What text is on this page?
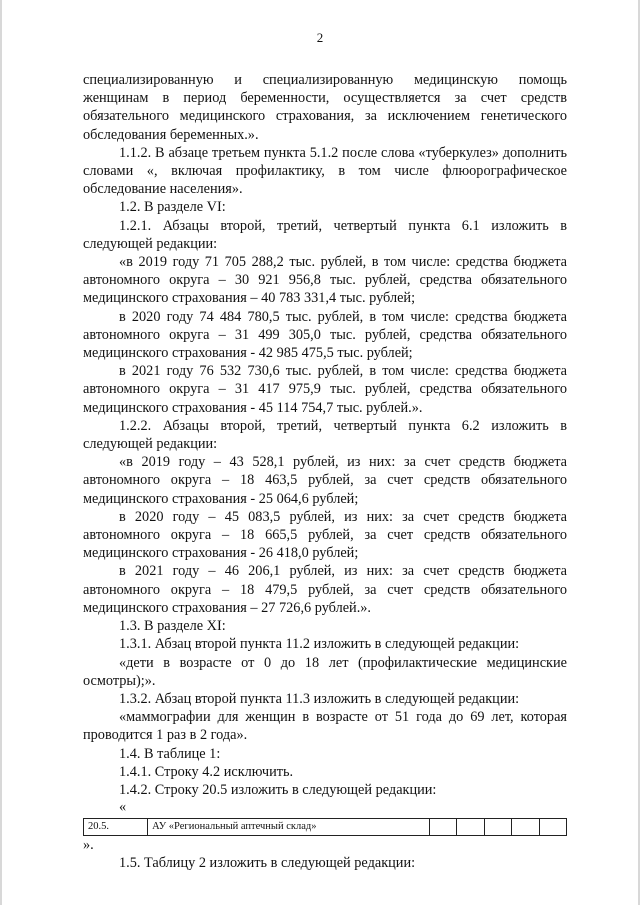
2

специализированную и специализированную медицинскую помощь женщинам в период беременности, осуществляется за счет средств обязательного медицинского страхования, за исключением генетического обследования беременных.».

1.1.2. В абзаце третьем пункта 5.1.2 после слова «туберкулез» дополнить словами «, включая профилактику, в том числе флюорографическое обследование населения».

1.2. В разделе VI:

1.2.1. Абзацы второй, третий, четвертый пункта 6.1 изложить в следующей редакции:

«в 2019 году 71 705 288,2 тыс. рублей, в том числе: средства бюджета автономного округа – 30 921 956,8 тыс. рублей, средства обязательного медицинского страхования – 40 783 331,4 тыс. рублей;

в 2020 году 74 484 780,5 тыс. рублей, в том числе: средства бюджета автономного округа – 31 499 305,0 тыс. рублей, средства обязательного медицинского страхования - 42 985 475,5 тыс. рублей;

в 2021 году 76 532 730,6 тыс. рублей, в том числе: средства бюджета автономного округа – 31 417 975,9 тыс. рублей, средства обязательного медицинского страхования - 45 114 754,7 тыс. рублей.».

1.2.2. Абзацы второй, третий, четвертый пункта 6.2 изложить в следующей редакции:

«в 2019 году – 43 528,1 рублей, из них: за счет средств бюджета автономного округа – 18 463,5 рублей, за счет средств обязательного медицинского страхования - 25 064,6 рублей;

в 2020 году – 45 083,5 рублей, из них: за счет средств бюджета автономного округа – 18 665,5 рублей, за счет средств обязательного медицинского страхования - 26 418,0 рублей;

в 2021 году – 46 206,1 рублей, из них: за счет средств бюджета автономного округа – 18 479,5 рублей, за счет средств обязательного медицинского страхования – 27 726,6 рублей.».

1.3. В разделе XI:

1.3.1. Абзац второй пункта 11.2 изложить в следующей редакции:

«дети в возрасте от 0 до 18 лет (профилактические медицинские осмотры);».

1.3.2. Абзац второй пункта 11.3 изложить в следующей редакции:

«маммографии для женщин в возрасте от 51 года до 69 лет, которая проводится 1 раз в 2 года».

1.4. В таблице 1:

1.4.1. Строку 4.2 исключить.

1.4.2. Строку 20.5 изложить в следующей редакции:

«

20.5.	АУ «Региональный аптечный склад»					

».

1.5. Таблицу 2 изложить в следующей редакции:
